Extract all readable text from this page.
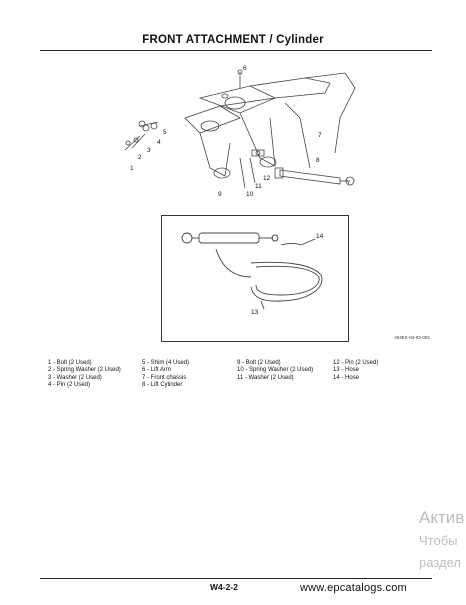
FRONT ATTACHMENT / Cylinder
6
5
4
3
2
1
7
8
12
11
10
9
Y
14
13
W4EK-04-03-002
1 - Bolt (2 Used)
2 - Spring Washer (2 Used)
3 - Washer (2 Used)
4 - Pin (2 Used)
5 - Shim (4 Used)
6 - Lift Arm
7 - Front chassis
8 - Lift Cylinder
9 - Bolt (2 Used)
10 - Spring Washer (2 Used)
11 - Washer (2 Used)
12 - Pin (2 Used)
13 - Hose
14 - Hose
Актив
Чтобы
раздел
W4-2-2	www.epcatalogs.com
